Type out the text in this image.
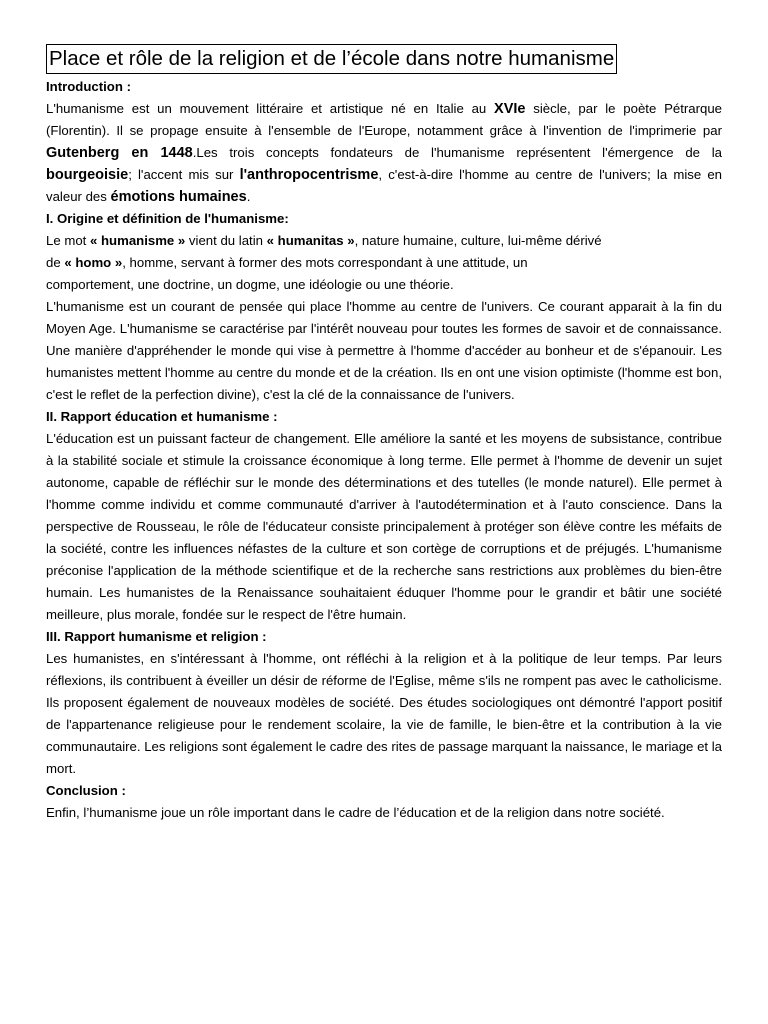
Place et rôle de la religion et de l’école dans notre humanisme

Introduction :

L'humanisme est un mouvement littéraire et artistique né en Italie au XVIe siècle, par le poète Pétrarque (Florentin). Il se propage ensuite à l'ensemble de l'Europe, notamment grâce à l'invention de l'imprimerie par Gutenberg en 1448.Les trois concepts fondateurs de l'humanisme représentent l'émergence de la bourgeoisie; l'accent mis sur l'anthropocentrisme, c'est-à-dire l'homme au centre de l'univers; la mise en valeur des émotions humaines.

I. Origine et définition de l'humanisme:

Le mot « humanisme » vient du latin « humanitas », nature humaine, culture, lui-même dérivé
de « homo », homme, servant à former des mots correspondant à une attitude, un
comportement, une doctrine, un dogme, une idéologie ou une théorie.

L'humanisme est un courant de pensée qui place l'homme au centre de l'univers. Ce courant apparait à la fin du Moyen Age. L'humanisme se caractérise par l'intérêt nouveau pour toutes les formes de savoir et de connaissance. Une manière d'appréhender le monde qui vise à permettre à l'homme d'accéder au bonheur et de s'épanouir. Les humanistes mettent l'homme au centre du monde et de la création. Ils en ont une vision optimiste (l'homme est bon, c'est le reflet de la perfection divine), c'est la clé de la connaissance de l'univers.

II. Rapport éducation et humanisme :

L'éducation est un puissant facteur de changement. Elle améliore la santé et les moyens de subsistance, contribue à la stabilité sociale et stimule la croissance économique à long terme. Elle permet à l'homme de devenir un sujet autonome, capable de réfléchir sur le monde des déterminations et des tutelles (le monde naturel). Elle permet à l'homme comme individu et comme communauté d'arriver à l'autodétermination et à l'auto conscience. Dans la perspective de Rousseau, le rôle de l'éducateur consiste principalement à protéger son élève contre les méfaits de la société, contre les influences néfastes de la culture et son cortège de corruptions et de préjugés. L'humanisme préconise l'application de la méthode scientifique et de la recherche sans restrictions aux problèmes du bien-être humain. Les humanistes de la Renaissance souhaitaient éduquer l'homme pour le grandir et bâtir une société meilleure, plus morale, fondée sur le respect de l'être humain.

III. Rapport humanisme et religion :

Les humanistes, en s'intéressant à l'homme, ont réfléchi à la religion et à la politique de leur temps. Par leurs réflexions, ils contribuent à éveiller un désir de réforme de l'Eglise, même s'ils ne rompent pas avec le catholicisme. Ils proposent également de nouveaux modèles de société. Des études sociologiques ont démontré l'apport positif de l'appartenance religieuse pour le rendement scolaire, la vie de famille, le bien-être et la contribution à la vie communautaire. Les religions sont également le cadre des rites de passage marquant la naissance, le mariage et la mort.

Conclusion :

Enfin, l’humanisme joue un rôle important dans le cadre de l’éducation et de la religion dans notre société.
